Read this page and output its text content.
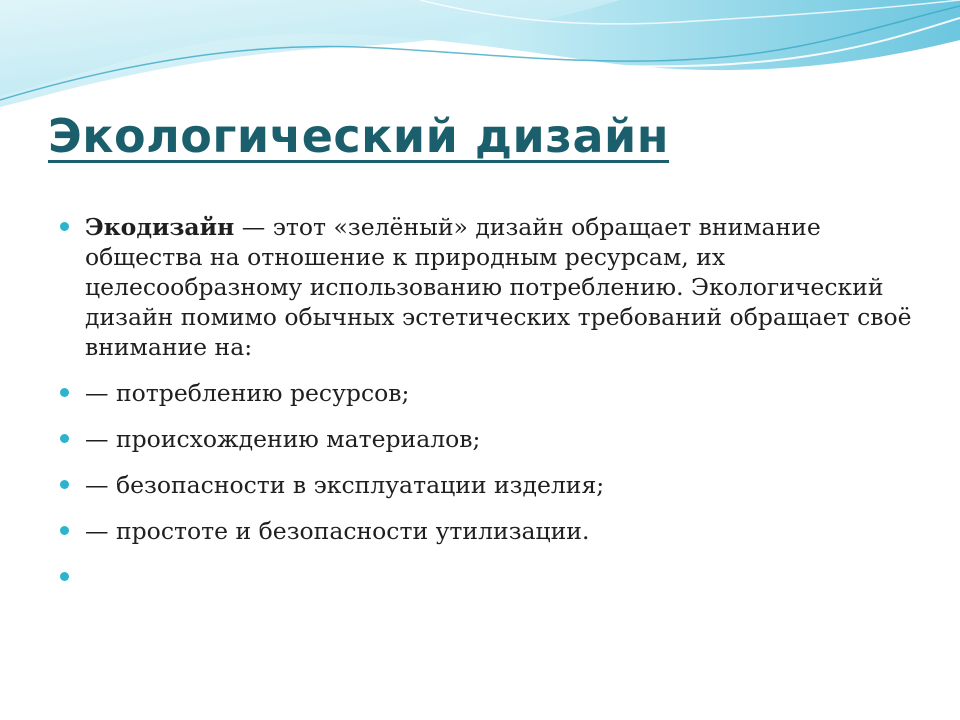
Экологический дизайн
Экодизайн — этот «зелёный» дизайн обращает внимание общества на отношение к природным ресурсам, их целесообразному использованию потреблению. Экологический дизайн помимо обычных эстетических требований обращает своё внимание на:
— потреблению ресурсов;
— происхождению материалов;
— безопасности в эксплуатации изделия;
— простоте и безопасности утилизации.
